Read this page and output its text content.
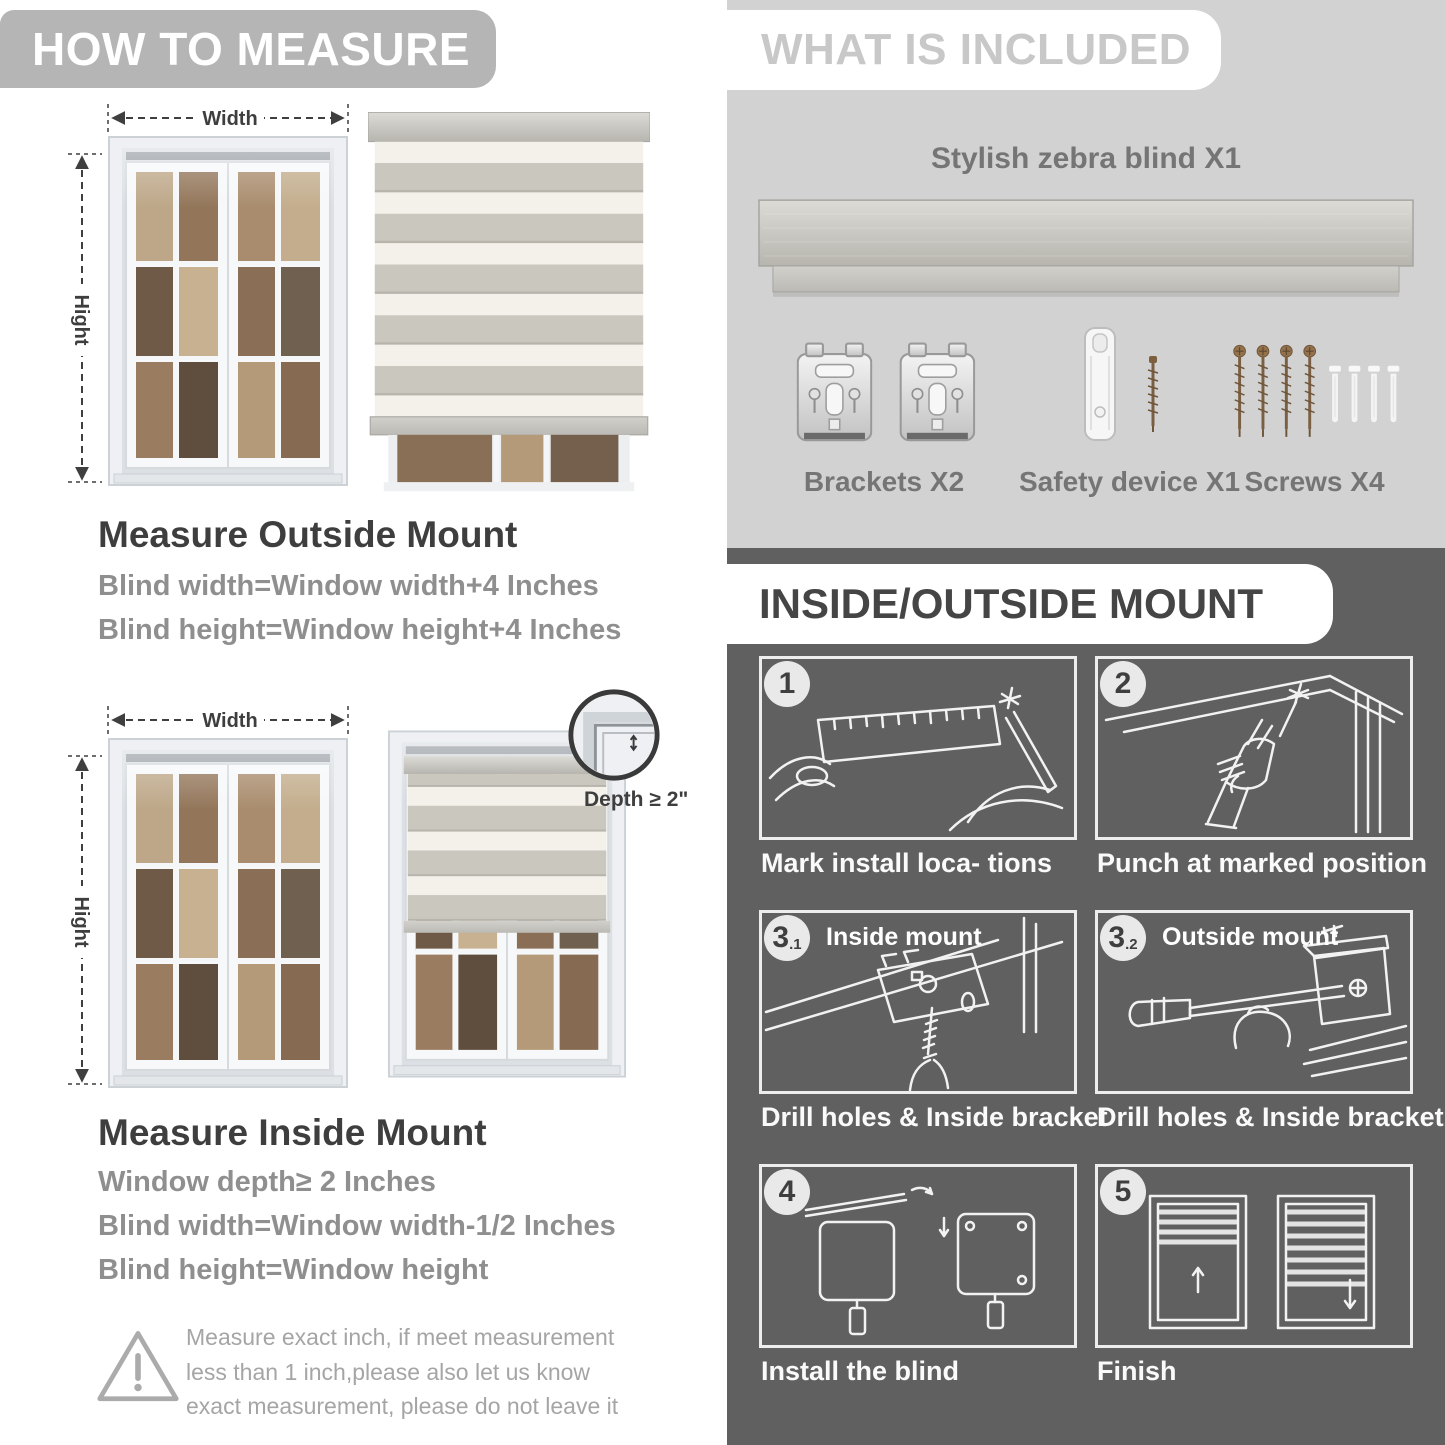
HOW TO MEASURE
Width
Hight
Measure Outside Mount
Blind width=Window width+4 Inches
Blind height=Window height+4 Inches
Width
Hight
Depth ≥ 2"
Measure Inside Mount
Window depth≥ 2 Inches
Blind width=Window width-1/2 Inches
Blind height=Window height
Measure exact inch, if meet measurement less than 1 inch,please also let us know exact measurement, please do not leave it
WHAT IS INCLUDED
Stylish zebra blind X1
Brackets X2	Safety device X1 Screws X4
INSIDE/OUTSIDE MOUNT
1
Mark install loca- tions
2
Punch at marked position
3 .1 Inside mount
Drill holes & Inside bracket
3 .2 Outside mount
Drill holes & Inside bracket
4
Install the blind
5
Finish
